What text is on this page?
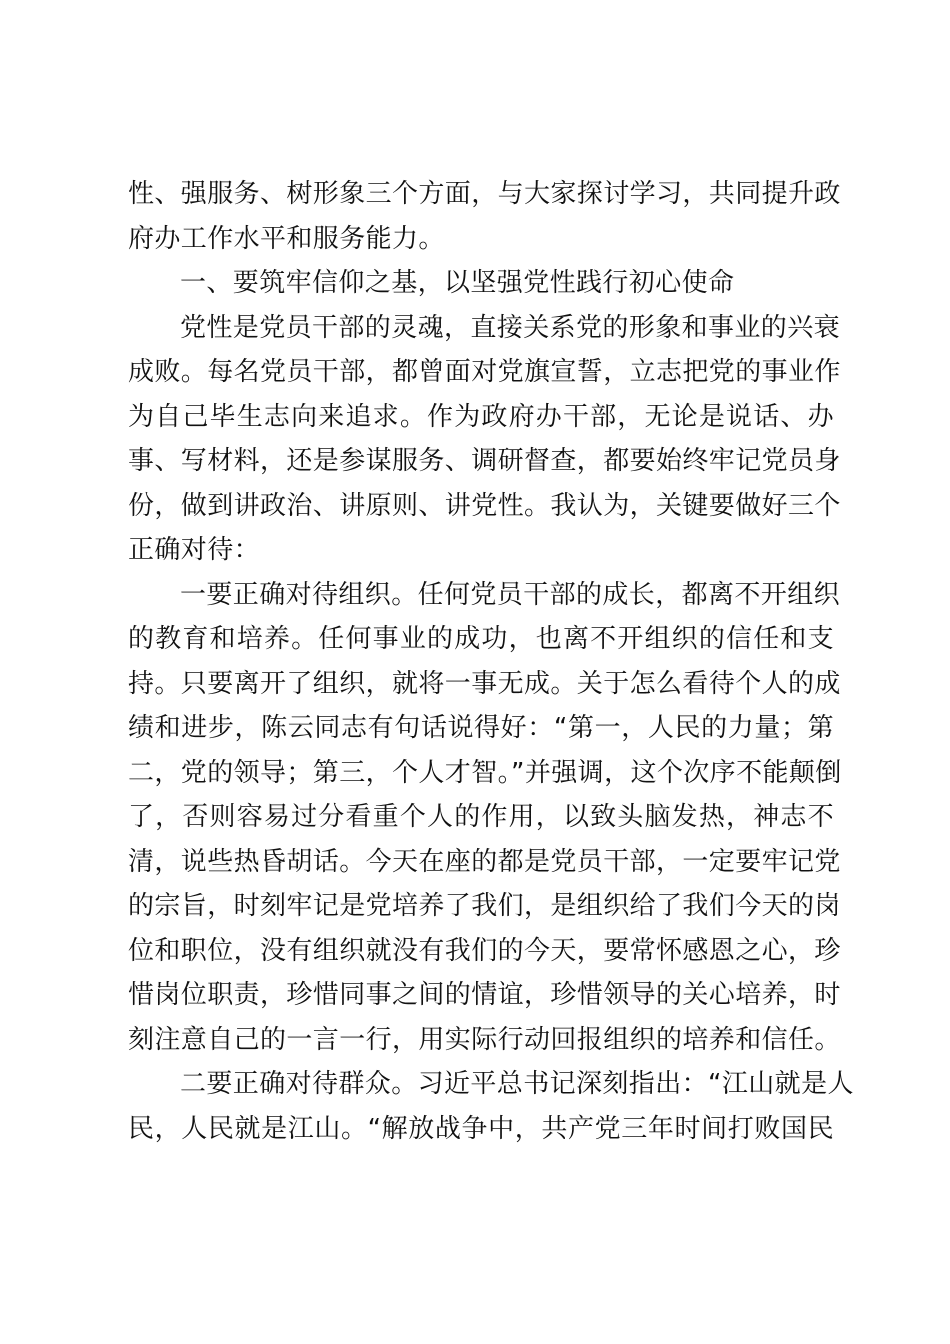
性、强服务、树形象三个方面，与大家探讨学习，共同提升政
府办工作水平和服务能力。
一、要筑牢信仰之基，以坚强党性践行初心使命
党性是党员干部的灵魂，直接关系党的形象和事业的兴衰
成败。每名党员干部，都曾面对党旗宣誓，立志把党的事业作
为自己毕生志向来追求。作为政府办干部，无论是说话、办
事、写材料，还是参谋服务、调研督查，都要始终牢记党员身
份，做到讲政治、讲原则、讲党性。我认为，关键要做好三个
正确对待：
一要正确对待组织。任何党员干部的成长，都离不开组织
的教育和培养。任何事业的成功，也离不开组织的信任和支
持。只要离开了组织，就将一事无成。关于怎么看待个人的成
绩和进步，陈云同志有句话说得好：“第一，人民的力量；第
二，党的领导；第三，个人才智。”并强调，这个次序不能颠倒
了，否则容易过分看重个人的作用，以致头脑发热，神志不
清，说些热昏胡话。今天在座的都是党员干部，一定要牢记党
的宗旨，时刻牢记是党培养了我们，是组织给了我们今天的岗
位和职位，没有组织就没有我们的今天，要常怀感恩之心，珍
惜岗位职责，珍惜同事之间的情谊，珍惜领导的关心培养，时
刻注意自己的一言一行，用实际行动回报组织的培养和信任。
二要正确对待群众。习近平总书记深刻指出：“江山就是人
民，人民就是江山。“解放战争中，共产党三年时间打败国民
